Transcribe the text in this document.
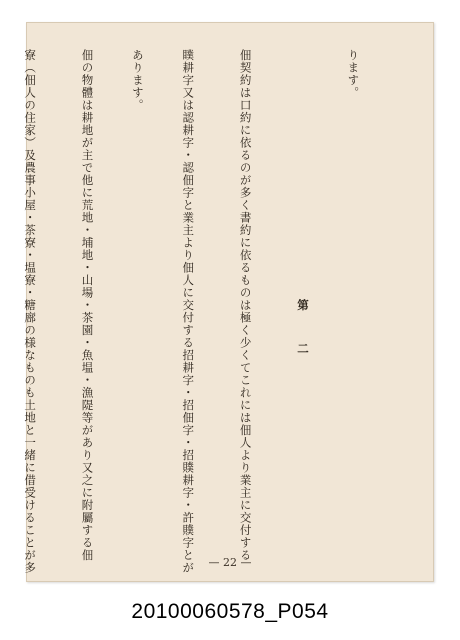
ります。

第 二

佃契約は口約に依るのが多く書約に依るものは極く少くてこれには佃人より業主に交付する

瞨耕字又は認耕字・認佃字と業主より佃人に交付する招耕字・招佃字・招贌耕字・許贌字とが

あります。

佃の物體は耕地が主で他に荒地・埔地・山場・茶園・魚塭・漁隄等があり又之に附屬する佃

寮（佃人の住家）及農事小屋・茶寮・塭寮・糖廍の様なものも土地と一緒に借受けることが多

	— 22 —
20100060578_P054
